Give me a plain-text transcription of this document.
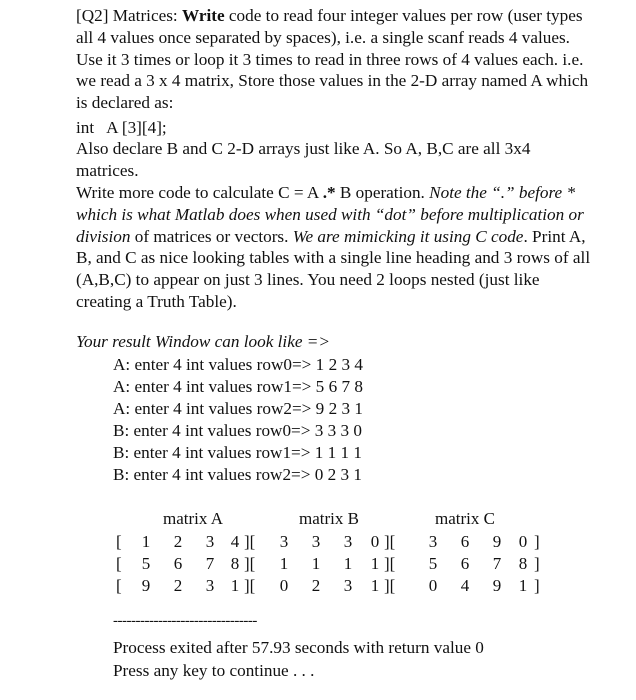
[Q2] Matrices: Write code to read four integer values per row (user types all 4 values once separated by spaces), i.e. a single scanf reads 4 values. Use it 3 times or loop it 3 times to read in three rows of 4 values each. i.e. we read a 3 x 4 matrix, Store those values in the 2-D array named A which is declared as:

int   A [3][4];

Also declare B and C 2-D arrays just like A. So A, B,C are all 3x4 matrices.

Write more code to calculate C = A .* B operation. Note the “.” before * which is what Matlab does when used with “dot” before multiplication or division of matrices or vectors. We are mimicking it using C code. Print A, B, and C as nice looking tables with a single line heading and 3 rows of all (A,B,C) to appear on just 3 lines. You need 2 loops nested (just like creating a Truth Table).

Your result Window can look like =>

A: enter 4 int values row0=> 1 2 3 4
A: enter 4 int values row1=> 5 6 7 8
A: enter 4 int values row2=> 9 2 3 1
B: enter 4 int values row0=> 3 3 3 0
B: enter 4 int values row1=> 1 1 1 1
B: enter 4 int values row2=> 0 2 3 1
matrix A	matrix B	matrix C
[ 1 2 3 4 ][ 3 3 3 0 ][ 3 6 9 0 ]
[ 5 6 7 8 ][ 1 1 1 1 ][ 5 6 7 8 ]
[ 9 2 3 1 ][ 0 2 3 1 ][ 0 4 9 1 ]
--------------------------------
Process exited after 57.93 seconds with return value 0
Press any key to continue . . .
